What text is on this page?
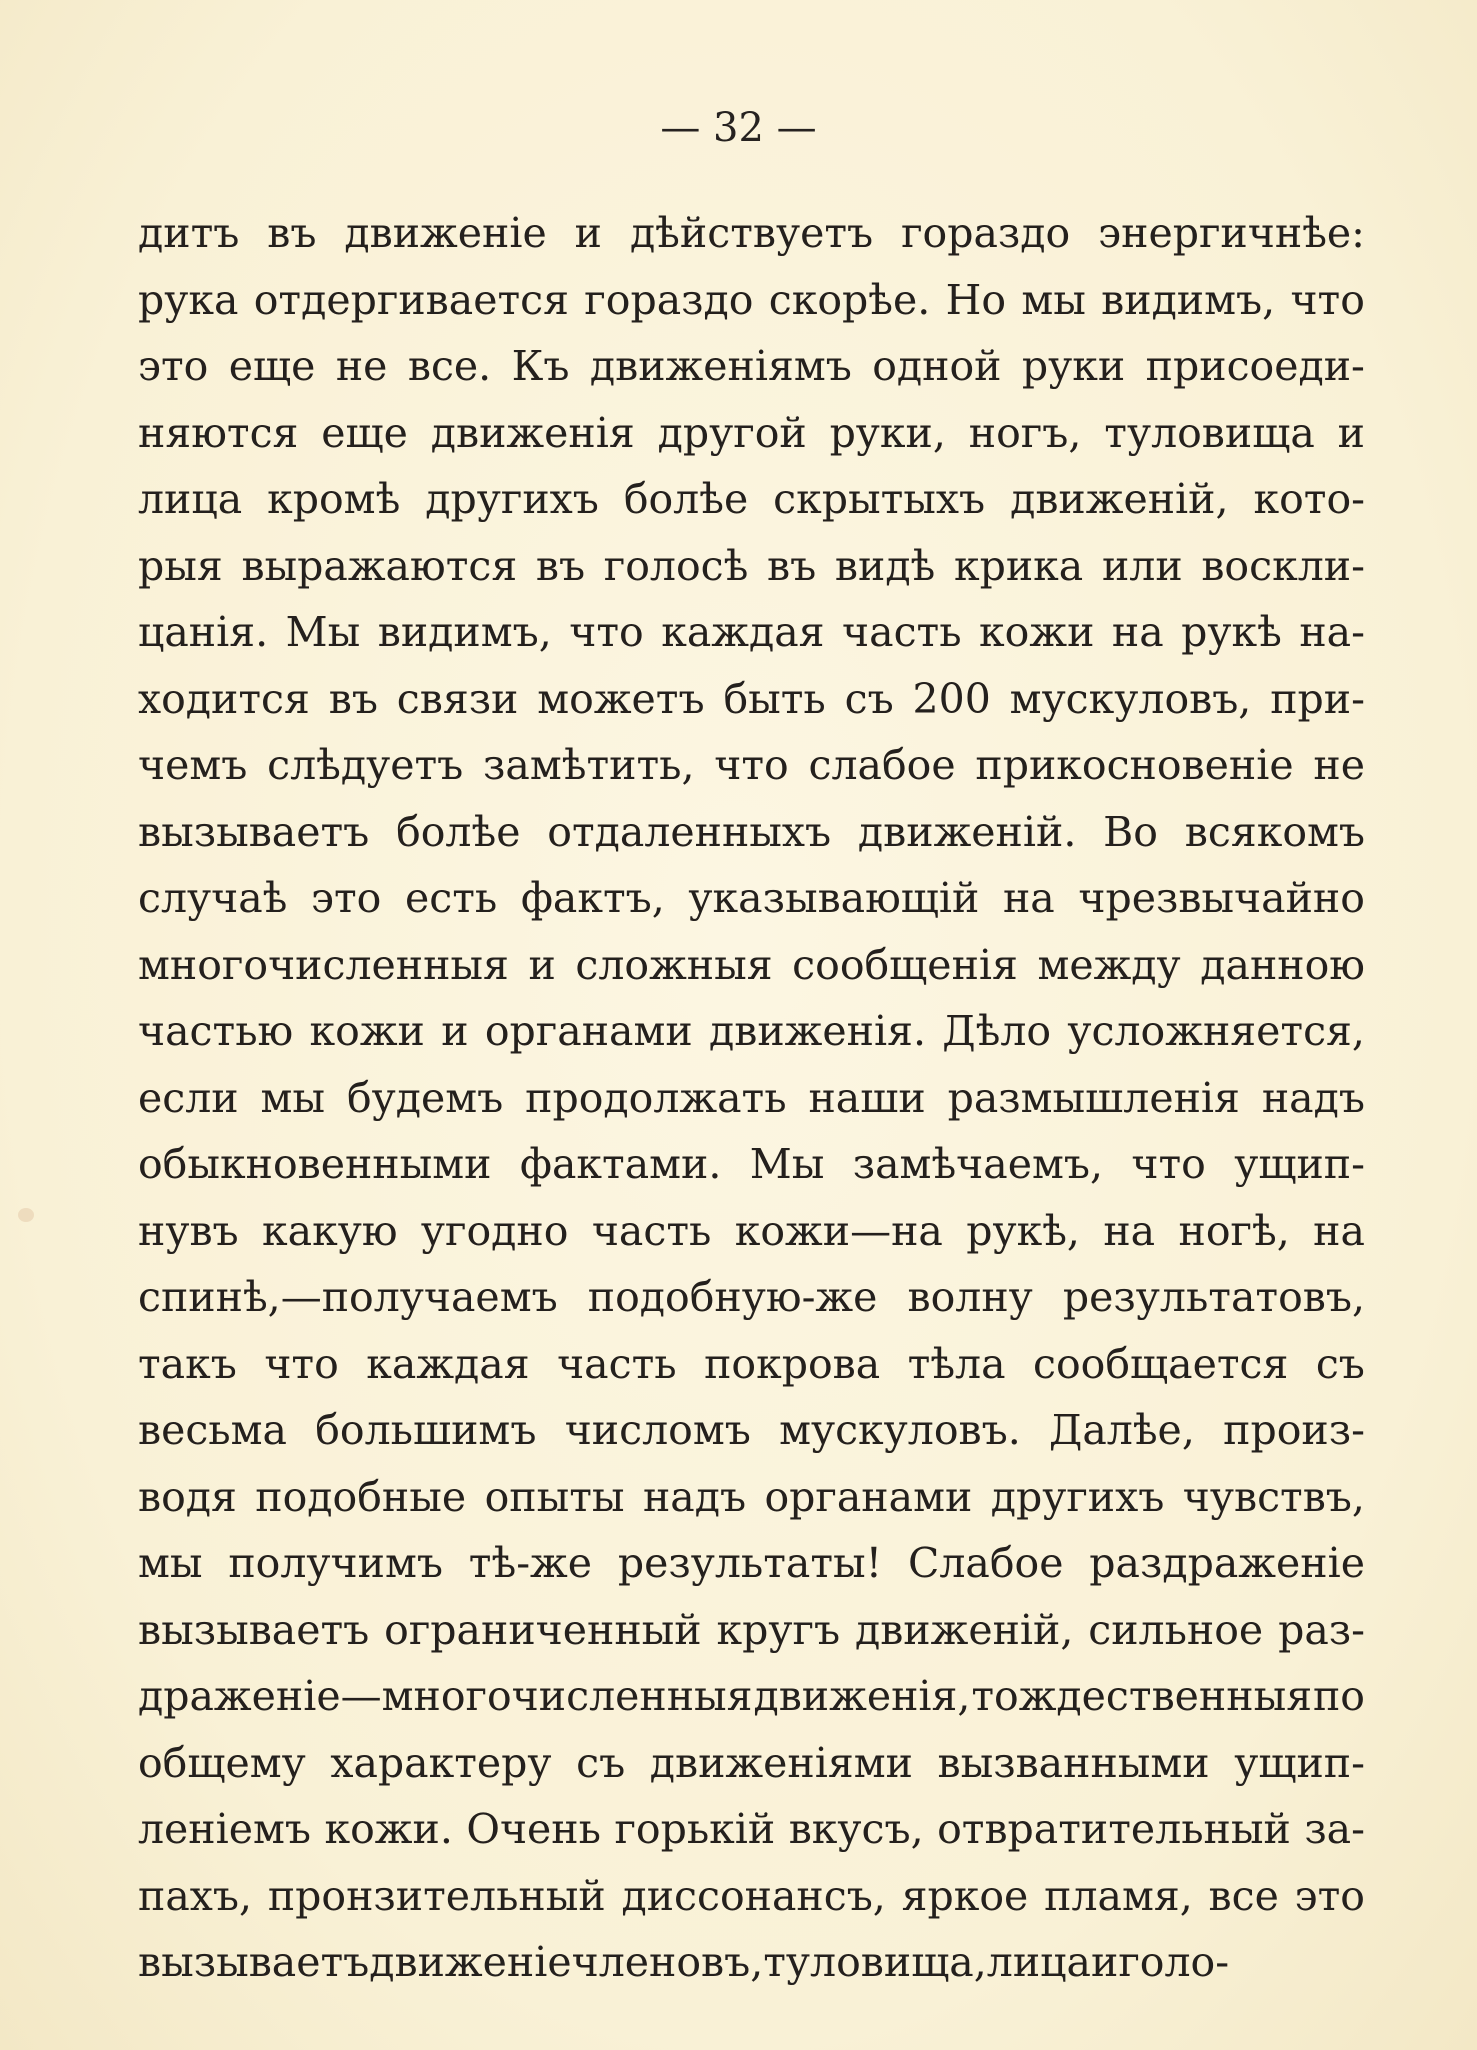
— 32 —
дитъ въ движеніе и дѣйствуетъ гораздо энергичнѣе:
рука отдергивается гораздо скорѣе. Но мы видимъ, что
это еще не все. Къ движеніямъ одной руки присоеди-
няются еще движенія другой руки, ногъ, туловища и
лица кромѣ другихъ болѣе скрытыхъ движеній, кото-
рыя выражаются въ голосѣ въ видѣ крика или воскли-
цанія. Мы видимъ, что каждая часть кожи на рукѣ на-
ходится въ связи можетъ быть съ 200 мускуловъ, при-
чемъ слѣдуетъ замѣтить, что слабое прикосновеніе не
вызываетъ болѣе отдаленныхъ движеній. Во всякомъ
случаѣ это есть фактъ, указывающій на чрезвычайно
многочисленныя и сложныя сообщенія между данною
частью кожи и органами движенія. Дѣло усложняется,
если мы будемъ продолжать наши размышленія надъ
обыкновенными фактами. Мы замѣчаемъ, что ущип-
нувъ какую угодно часть кожи—на рукѣ, на ногѣ, на
спинѣ,—получаемъ подобную-же волну результатовъ,
такъ что каждая часть покрова тѣла сообщается съ
весьма большимъ числомъ мускуловъ. Далѣе, произ-
водя подобные опыты надъ органами другихъ чувствъ,
мы получимъ тѣ-же результаты! Слабое раздраженіе
вызываетъ ограниченный кругъ движеній, сильное раз-
драженіе—многочисленныя движенія, тождественныя по
общему характеру съ движеніями вызванными ущип-
леніемъ кожи. Очень горькій вкусъ, отвратительный за-
пахъ, пронзительный диссонансъ, яркое пламя, все это
вызываетъ движеніе членовъ, туловища, лица и голо-
